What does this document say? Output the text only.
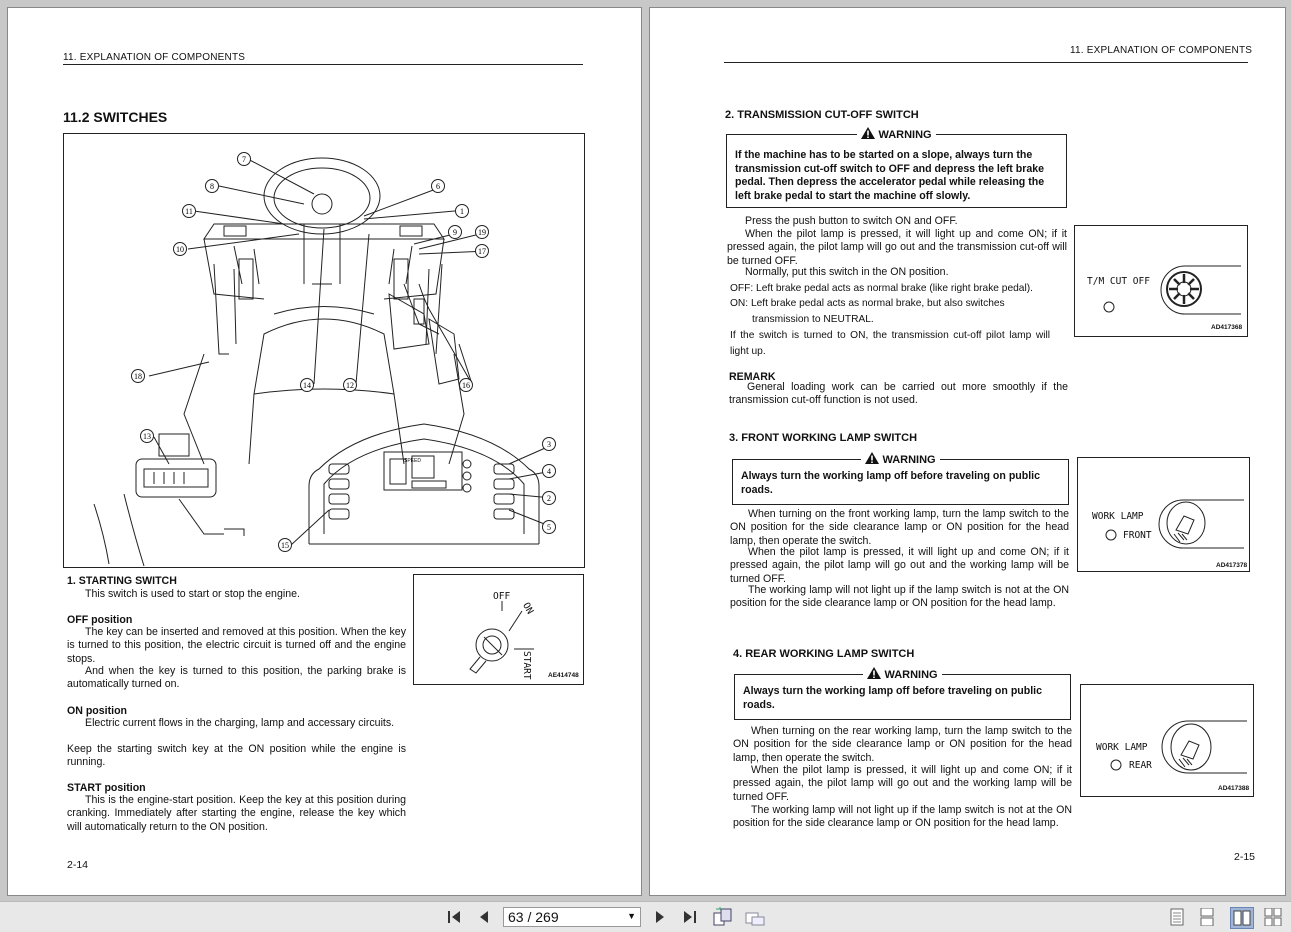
11. EXPLANATION OF COMPONENTS
11.2 SWITCHES
7
8	6
11	1
9	19
10	17
18
14	12	16
13
3
4
2
5
15
SPEED
1. STARTING SWITCH
This switch is used to start or stop the engine.
OFF position
The key can be inserted and removed at this position. When the key is turned to this position, the electric circuit is turned off and the engine stops.
And when the key is turned to this position, the parking brake is automatically turned on.
ON position
Electric current flows in the charging, lamp and accessary circuits.
Keep the starting switch key at the ON position while the engine is running.
START position
This is the engine-start position. Keep the key at this position during cranking. Immediately after starting the engine, release the key which will automatically return to the ON position.
OFF
ON
START AE414748
2-14
11. EXPLANATION OF COMPONENTS
2. TRANSMISSION CUT-OFF SWITCH
WARNING
If the machine has to be started on a slope, always turn the transmission cut-off switch to OFF and depress the left brake pedal. Then depress the accelerator pedal while releasing the left brake pedal to start the machine off slowly.
Press the push button to switch ON and OFF.
When the pilot lamp is pressed, it will light up and come ON; if it pressed again, the pilot lamp will go out and the transmission cut-off will be turned OFF.
Normally, put this switch in the ON position.
OFF: Left brake pedal acts as normal brake (like right brake pedal).
ON: Left brake pedal acts as normal brake, but also switches
transmission to NEUTRAL.
If the switch is turned to ON, the transmission cut-off pilot lamp will light up.
T/M CUT OFF
AD417368
REMARK
General loading work can be carried out more smoothly if the transmission cut-off function is not used.
3. FRONT WORKING LAMP SWITCH
WARNING
Always turn the working lamp off before traveling on public roads.
When turning on the front working lamp, turn the lamp switch to the ON position for the side clearance lamp or ON position for the head lamp, then operate the switch.
When the pilot lamp is pressed, it will light up and come ON; if it pressed again, the pilot lamp will go out and the working lamp will be turned OFF.
The working lamp will not light up if the lamp switch is not at the ON position for the side clearance lamp or ON position for the head lamp.
WORK LAMP
FRONT
AD417378
4. REAR WORKING LAMP SWITCH
WARNING
Always turn the working lamp off before traveling on public roads.
When turning on the rear working lamp, turn the lamp switch to the ON position for the side clearance lamp or ON position for the head lamp, then operate the switch.
When the pilot lamp is pressed, it will light up and come ON; if it pressed again, the pilot lamp will go out and the working lamp will be turned OFF.
The working lamp will not light up if the lamp switch is not at the ON position for the side clearance lamp or ON position for the head lamp.
WORK LAMP
REAR
AD417388
2-15
63 / 269	▼
